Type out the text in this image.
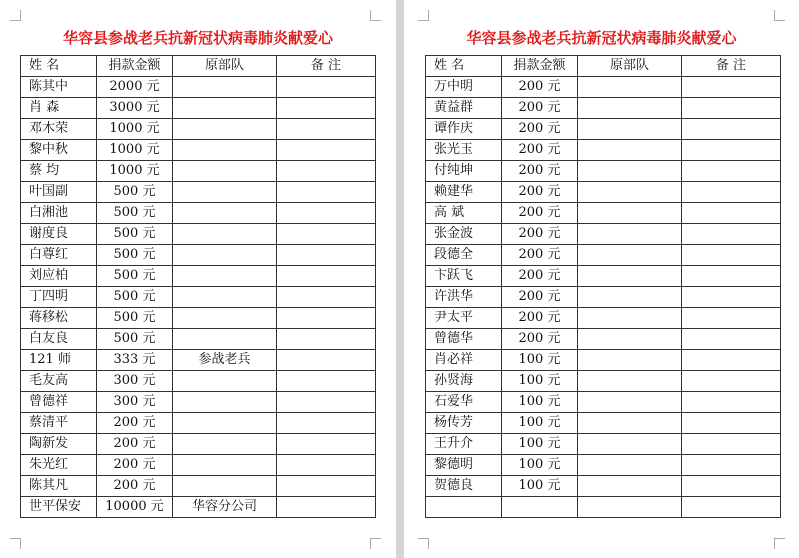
华容县参战老兵抗新冠状病毒肺炎献爱心
姓 名	捐款金额	原部队	备 注
陈其中	2000 元		
肖 森	3000 元		
邓木荣	1000 元		
黎中秋	1000 元		
蔡 均	1000 元		
叶国副	500 元		
白湘池	500 元		
谢度良	500 元		
白尊红	500 元		
刘应柏	500 元		
丁四明	500 元		
蒋移松	500 元		
白友良	500 元		
121 师	333 元	参战老兵	
毛友高	300 元		
曾德祥	300 元		
蔡清平	200 元		
陶新发	200 元		
朱光红	200 元		
陈其凡	200 元		
世平保安	10000 元	华容分公司	
华容县参战老兵抗新冠状病毒肺炎献爱心
姓 名	捐款金额	原部队	备 注
万中明	200 元		
黄益群	200 元		
谭作庆	200 元		
张光玉	200 元		
付纯坤	200 元		
赖建华	200 元		
高 斌	200 元		
张金波	200 元		
段德全	200 元		
卞跃飞	200 元		
许洪华	200 元		
尹太平	200 元		
曾德华	200 元		
肖必祥	100 元		
孙贤海	100 元		
石爱华	100 元		
杨传芳	100 元		
王升介	100 元		
黎德明	100 元		
贺德良	100 元		
